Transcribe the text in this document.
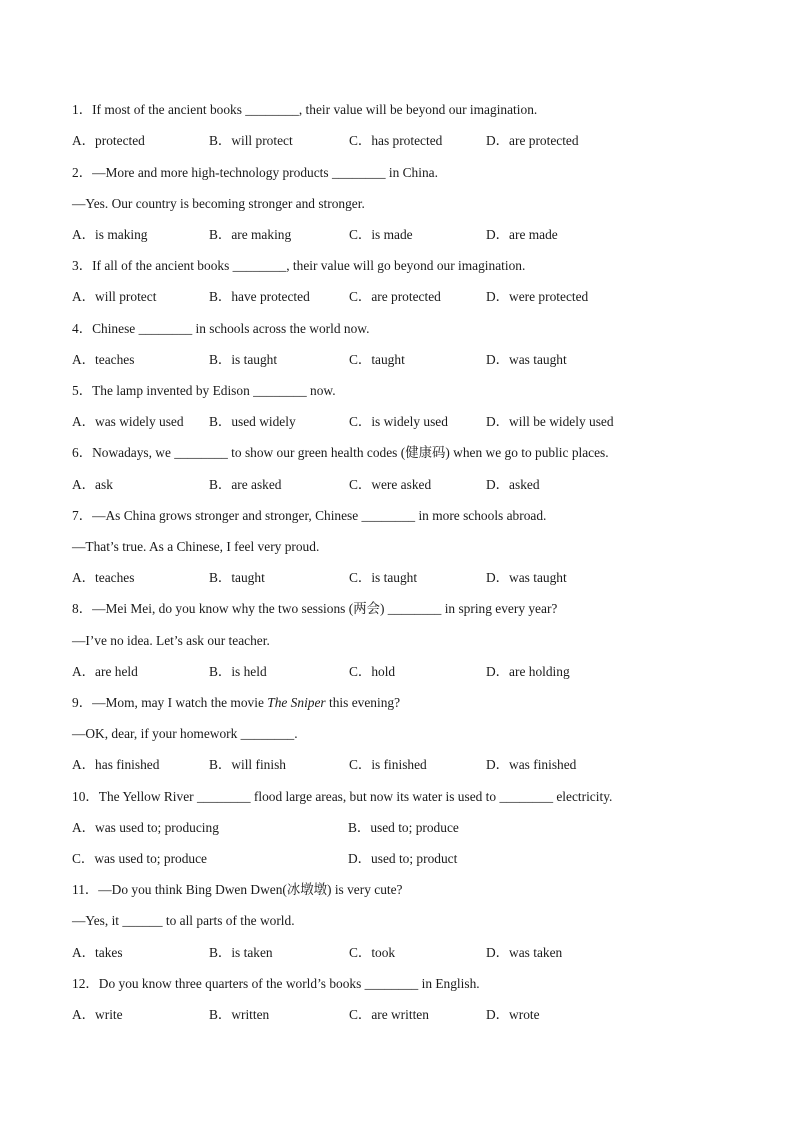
1．If most of the ancient books ________, their value will be beyond our imagination.
A．protected	B．will protect	C．has protected	D．are protected
2．—More and more high-technology products ________ in China.
—Yes. Our country is becoming stronger and stronger.
A．is making	B．are making	C．is made	D．are made
3．If all of the ancient books ________, their value will go beyond our imagination.
A．will protect	B．have protected	C．are protected	D．were protected
4．Chinese ________ in schools across the world now.
A．teaches	B．is taught	C．taught	D．was taught
5．The lamp invented by Edison ________ now.
A．was widely used B．used widely	C．is widely used	D．will be widely used
6．Nowadays, we ________ to show our green health codes (健康码) when we go to public places.
A．ask	B．are asked	C．were asked	D．asked
7．—As China grows stronger and stronger, Chinese ________ in more schools abroad.
—That’s true. As a Chinese, I feel very proud.
A．teaches	B．taught	C．is taught	D．was taught
8．—Mei Mei, do you know why the two sessions (两会) ________ in spring every year?
—I’ve no idea. Let’s ask our teacher.
A．are held	B．is held	C．hold	D．are holding
9．—Mom, may I watch the movie The Sniper this evening?
—OK, dear, if your homework ________.
A．has finished	B．will finish	C．is finished	D．was finished
10．The Yellow River ________ flood large areas, but now its water is used to ________ electricity.
A．was used to; producing	B．used to; produce
C．was used to; produce	D．used to; product
11．—Do you think Bing Dwen Dwen(冰墩墩) is very cute?
—Yes, it ______ to all parts of the world.
A．takes	B．is taken	C．took	D．was taken
12．Do you know three quarters of the world’s books ________ in English.
A．write	B．written	C．are written	D．wrote
